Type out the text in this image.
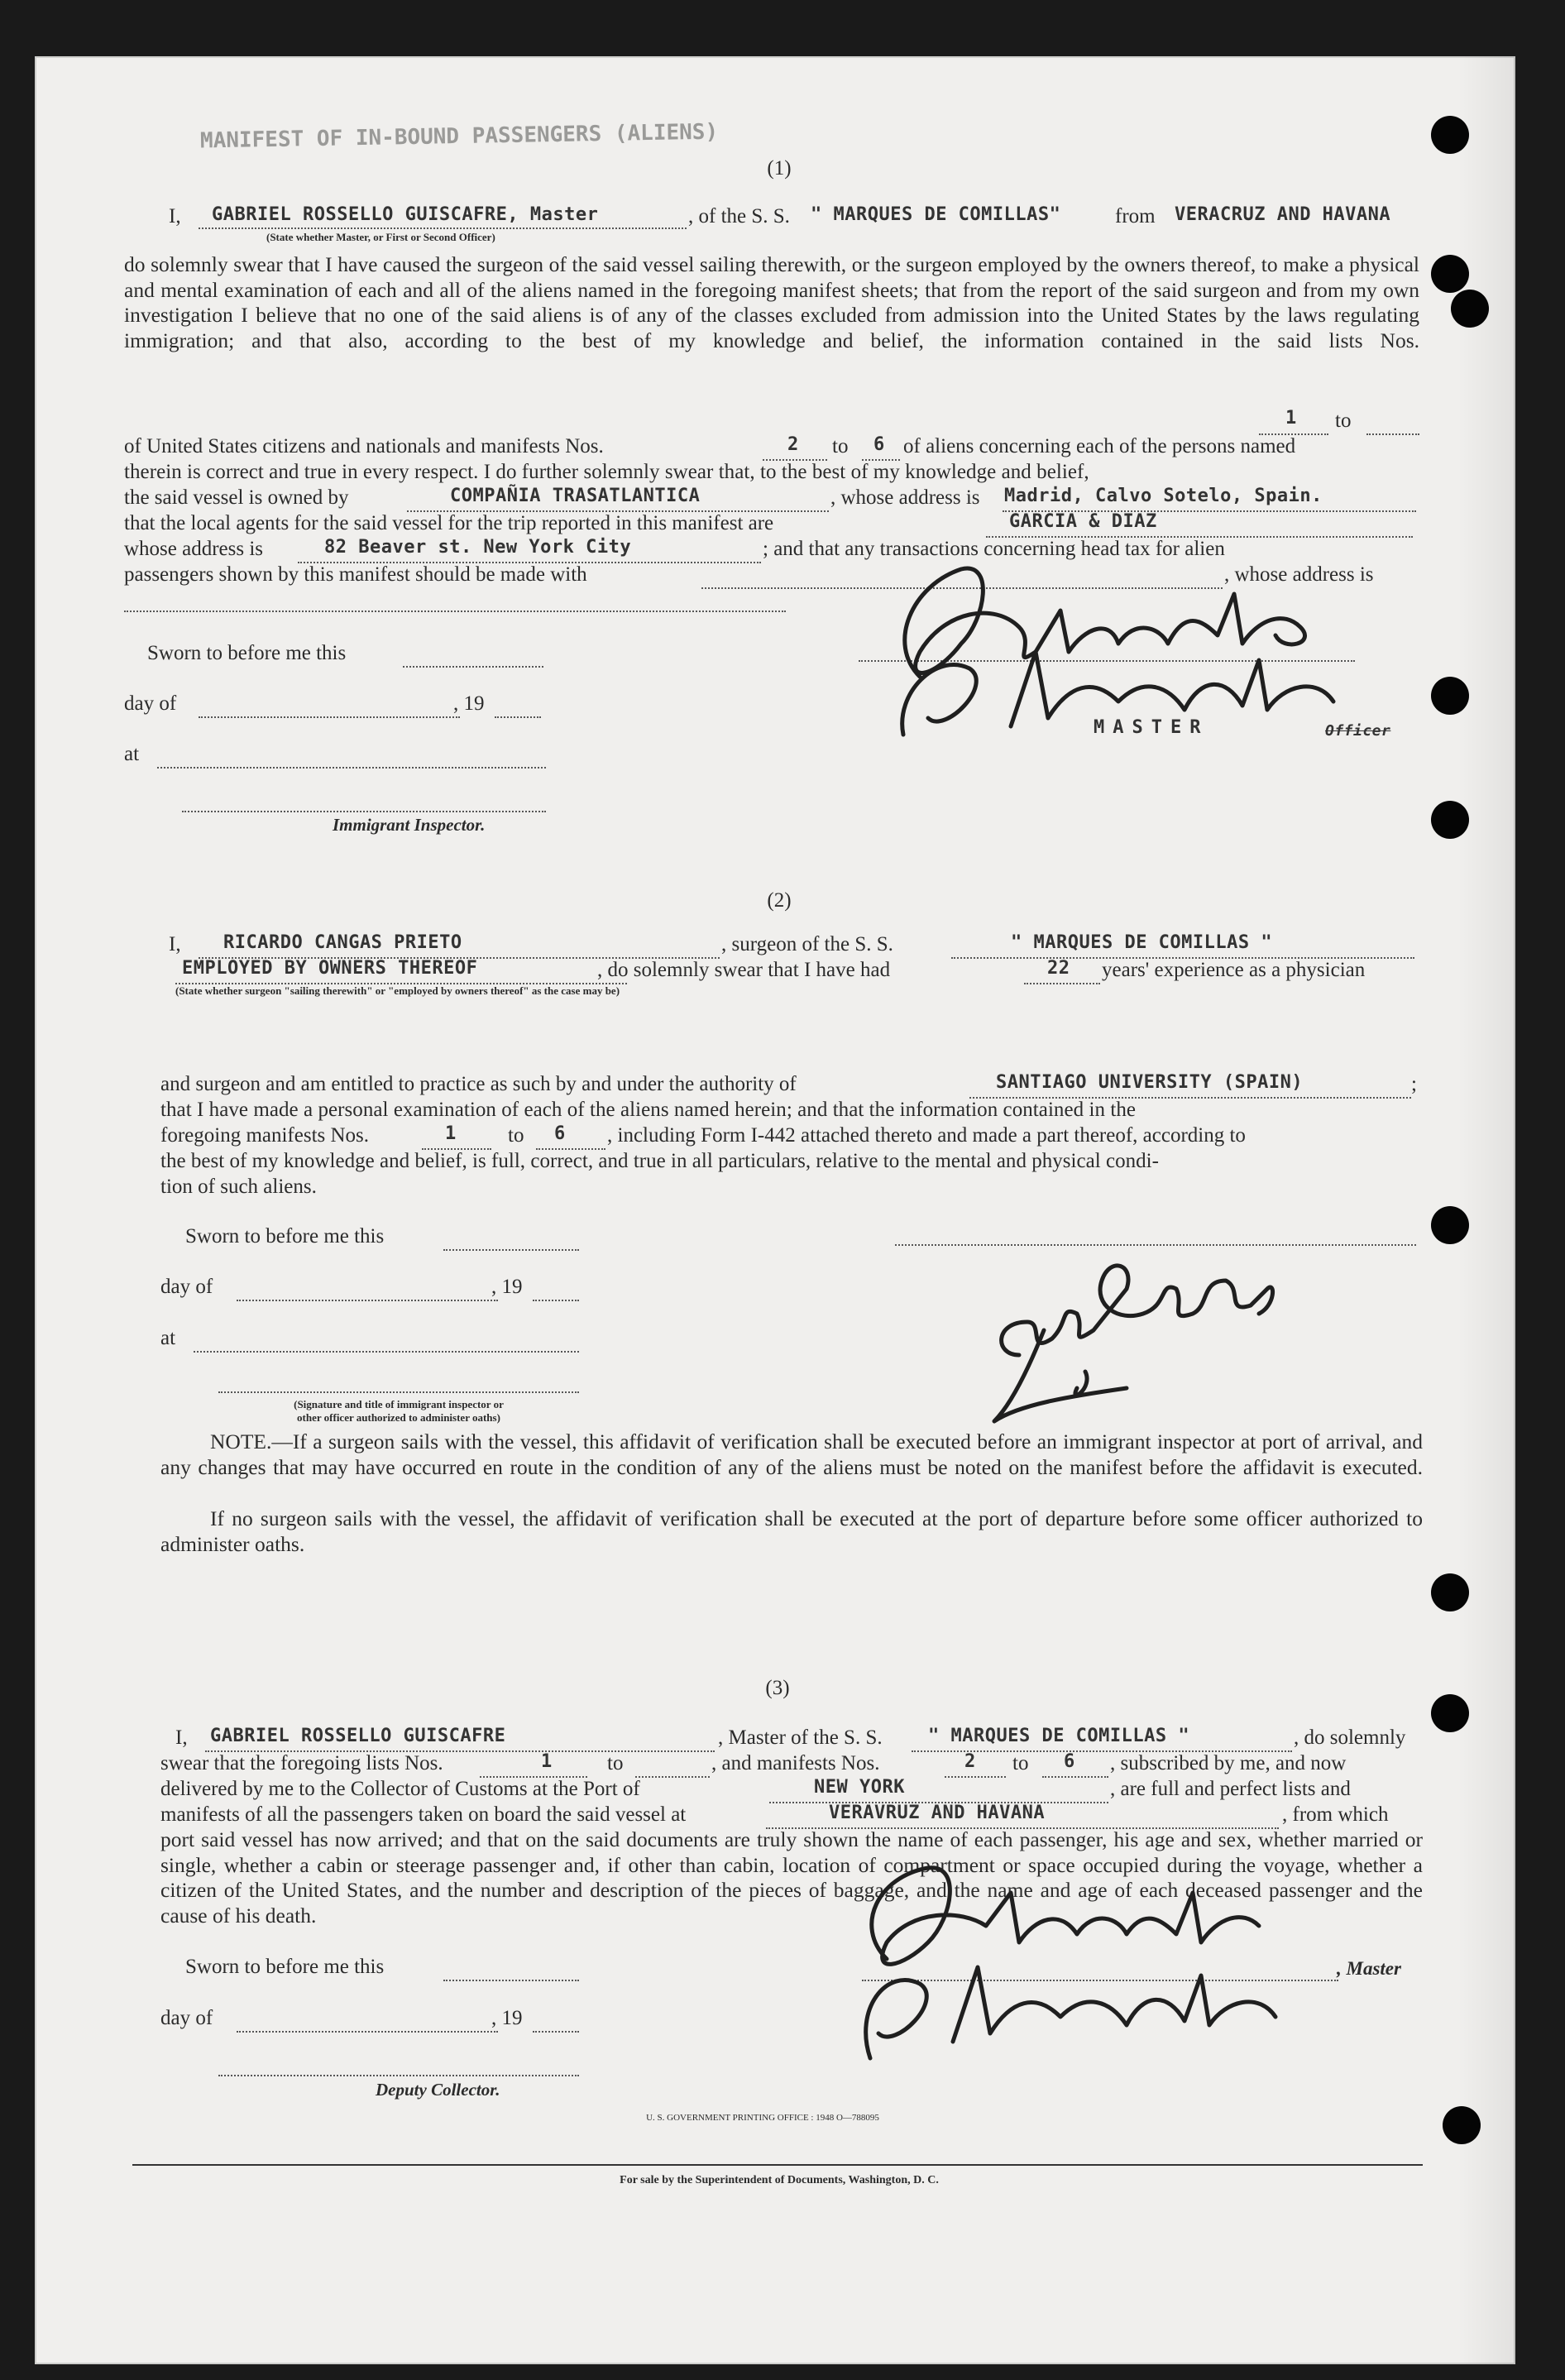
MANIFEST OF IN-BOUND PASSENGERS (ALIENS)
(1)
I, GABRIEL ROSSELLO GUISCAFRE, Master	, of the S. S. " MARQUES DE COMILLAS"	from VERACRUZ AND HAVANA
(State whether Master, or First or Second Officer)
do solemnly swear that I have caused the surgeon of the said vessel sailing therewith, or the surgeon employed by the owners thereof, to make a physical and mental examination of each and all of the aliens named in the foregoing manifest sheets; that from the report of the said surgeon and from my own investigation I believe that no one of the said aliens is of any of the classes excluded from admission into the United States by the laws regulating immigration; and that also, according to the best of my knowledge and belief, the information contained in the said lists Nos.
1 to
of United States citizens and nationals and manifests Nos.	2 to 6 of aliens concerning each of the persons named
therein is correct and true in every respect. I do further solemnly swear that, to the best of my knowledge and belief,
the said vessel is owned by	COMPAÑIA TRASATLANTICA	, whose address is Madrid, Calvo Sotelo, Spain.
that the local agents for the said vessel for the trip reported in this manifest are	GARCIA & DIAZ
whose address is	82 Beaver st. New York City	; and that any transactions concerning head tax for alien
passengers shown by this manifest should be made with	, whose address is
Sworn to before me this
day of	, 19
at
Immigrant Inspector.
MASTER	Officer
(2)
I, RICARDO CANGAS PRIETO	, surgeon of the S. S.	" MARQUES DE COMILLAS "
EMPLOYED BY OWNERS THEREOF	, do solemnly swear that I have had	22 years' experience as a physician
(State whether surgeon "sailing therewith" or "employed by owners thereof" as the case may be)
and surgeon and am entitled to practice as such by and under the authority of	SANTIAGO UNIVERSITY (SPAIN)	;
that I have made a personal examination of each of the aliens named herein; and that the information contained in the
foregoing manifests Nos.	1 to 6 , including Form I-442 attached thereto and made a part thereof, according to
the best of my knowledge and belief, is full, correct, and true in all particulars, relative to the mental and physical condi-
tion of such aliens.
Sworn to before me this
day of	, 19
at
(Signature and title of immigrant inspector or
other officer authorized to administer oaths)
NOTE.—If a surgeon sails with the vessel, this affidavit of verification shall be executed before an immigrant inspector at port of arrival, and any changes that may have occurred en route in the condition of any of the aliens must be noted on the manifest before the affidavit is executed.
If no surgeon sails with the vessel, the affidavit of verification shall be executed at the port of departure before some officer authorized to administer oaths.
(3)
I, GABRIEL ROSSELLO GUISCAFRE	, Master of the S. S.	" MARQUES DE COMILLAS "	, do solemnly
swear that the foregoing lists Nos.	1	to	, and manifests Nos.	2 to 6 , subscribed by me, and now
delivered by me to the Collector of Customs at the Port of	NEW YORK	, are full and perfect lists and
manifests of all the passengers taken on board the said vessel at	VERAVRUZ AND HAVANA	, from which
port said vessel has now arrived; and that on the said documents are truly shown the name of each passenger, his age and sex, whether married or single, whether a cabin or steerage passenger and, if other than cabin, location of compartment or space occupied during the voyage, whether a citizen of the United States, and the number and description of the pieces of baggage, and the name and age of each deceased passenger and the cause of his death.
Sworn to before me this	, Master
day of	, 19
Deputy Collector.
U. S. GOVERNMENT PRINTING OFFICE : 1948 O—788095
For sale by the Superintendent of Documents, Washington, D. C.
